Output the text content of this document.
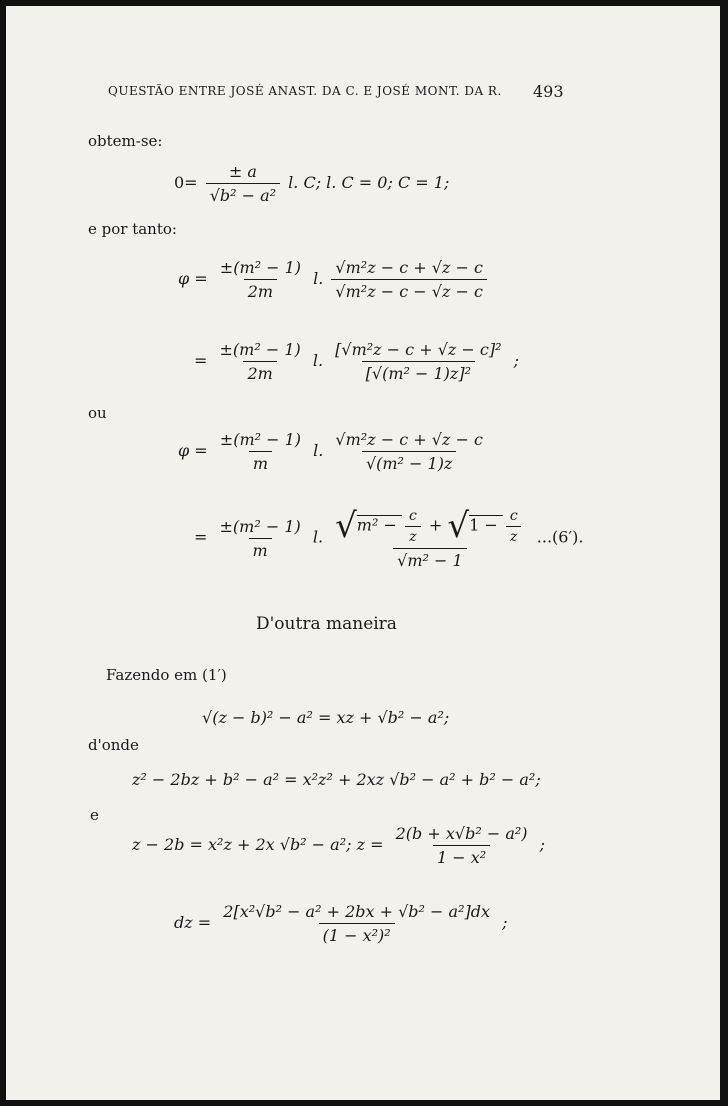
QUESTÃO ENTRE JOSÉ ANAST. DA C. E JOSÉ MONT. DA R. 493
obtem-se:
$0= \frac{\pm a}{\text{√b² − a²}} l$. C; l. C = 0; C = 1;
e por tanto:
$\varphi = \frac{\text{±(m² − 1)}}{2m} l$. $\frac{\text{√m²z − c + √z − c}}{\text{√m²z − c − √z − c}}$
= $\frac{\text{±(m² − 1)}}{2m} l$. $\frac{\text{[√m²z − c + √z − c]²}}{\text{[√(m² − 1)z]²}}$ ;
ou
$\varphi = \frac{\text{±(m² − 1)}}{m} l$. $\frac{\text{√m²z − c + √z − c}}{\text{√(m² − 1)z}}$
= $\frac{\text{±(m² − 1)}}{m} l$. $\frac{√m^2 - \frac{c}{z} + √1 - \frac{c}{z}}{\text{√m² − 1}} ...(6')$.
D'outra maneira
Fazendo em (1′)
√(z − b)² − a² = xz + √b² − a²;
d'onde
z² − 2bz + b² − a² = x²z² + 2xz √b² − a² + b² − a²;
e
z − 2b = x²z + 2x √b² − a²; $z = \frac{\text{2(b + x√b² − a²)}}{\text{1 − x²}}$ ;
dz = $\frac{\text{2[x²√b² − a² + 2bx + √b² − a²]dx}}{\text{(1 − x²)²}}$ ;
